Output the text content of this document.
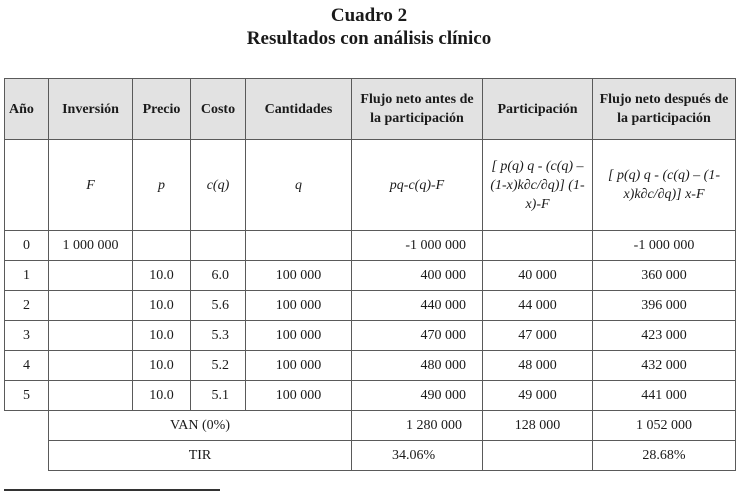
Cuadro 2
Resultados con análisis clínico
Año	Inversión	Precio	Costo	Cantidades	Flujo neto antes de la participación	Participación	Flujo neto después de la participación
	F	p	c(q)	q	pq-c(q)-F	[ p(q) q - (c(q) – (1-x)k∂c/∂q)] (1-x)-F	[ p(q) q - (c(q) – (1-x)k∂c/∂q)] x-F
0	1 000 000				-1 000 000		-1 000 000
1		10.0	6.0	100 000	400 000	40 000	360 000
2		10.0	5.6	100 000	440 000	44 000	396 000
3		10.0	5.3	100 000	470 000	47 000	423 000
4		10.0	5.2	100 000	480 000	48 000	432 000
5		10.0	5.1	100 000	490 000	49 000	441 000
	VAN (0%)				1 280 000	128 000	1 052 000
	TIR				34.06%		28.68%
